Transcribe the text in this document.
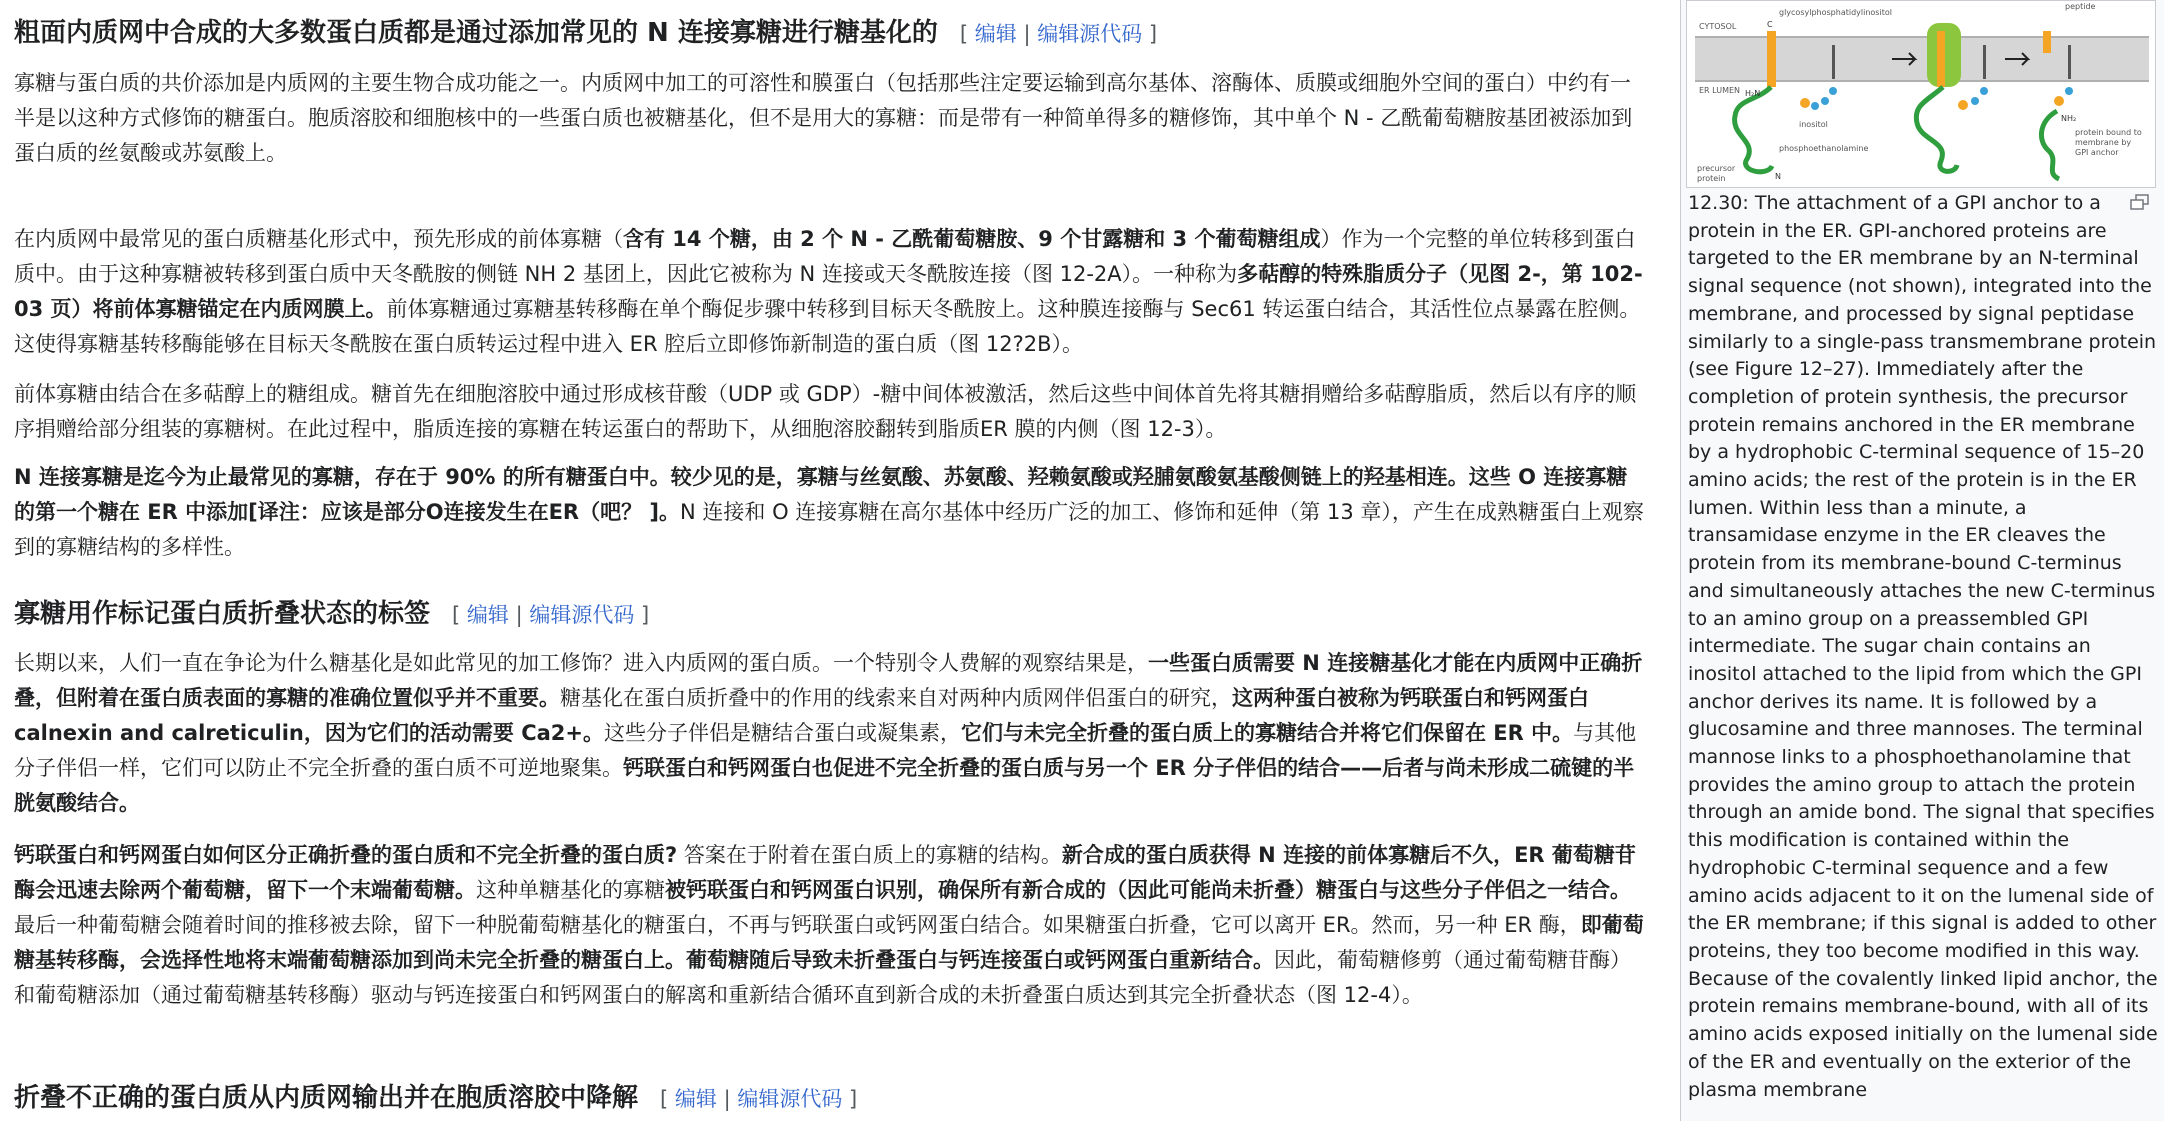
粗面内质网中合成的大多数蛋白质都是通过添加常见的 N 连接寡糖进行糖基化的 [ 编辑 | 编辑源代码 ]

寡糖与蛋白质的共价添加是内质网的主要生物合成功能之一。内质网中加工的可溶性和膜蛋白（包括那些注定要运输到高尔基体、溶酶体、质膜或细胞外空间的蛋白）中约有一半是以这种方式修饰的糖蛋白。胞质溶胶和细胞核中的一些蛋白质也被糖基化，但不是用大的寡糖：而是带有一种简单得多的糖修饰，其中单个 N - 乙酰葡萄糖胺基团被添加到蛋白质的丝氨酸或苏氨酸上。

在内质网中最常见的蛋白质糖基化形式中，预先形成的前体寡糖（含有 14 个糖，由 2 个 N - 乙酰葡萄糖胺、9 个甘露糖和 3 个葡萄糖组成）作为一个完整的单位转移到蛋白质中。由于这种寡糖被转移到蛋白质中天冬酰胺的侧链 NH 2 基团上，因此它被称为 N 连接或天冬酰胺连接（图 12-2A）。一种称为多萜醇的特殊脂质分子（见图 2-，第 102-03 页）将前体寡糖锚定在内质网膜上。前体寡糖通过寡糖基转移酶在单个酶促步骤中转移到目标天冬酰胺上。这种膜连接酶与 Sec61 转运蛋白结合，其活性位点暴露在腔侧。这使得寡糖基转移酶能够在目标天冬酰胺在蛋白质转运过程中进入 ER 腔后立即修饰新制造的蛋白质（图 12?2B）。

前体寡糖由结合在多萜醇上的糖组成。糖首先在细胞溶胶中通过形成核苷酸（UDP 或 GDP）-糖中间体被激活，然后这些中间体首先将其糖捐赠给多萜醇脂质，然后以有序的顺序捐赠给部分组装的寡糖树。在此过程中，脂质连接的寡糖在转运蛋白的帮助下，从细胞溶胶翻转到脂质ER 膜的内侧（图 12-3）。

N 连接寡糖是迄今为止最常见的寡糖，存在于 90% 的所有糖蛋白中。较少见的是，寡糖与丝氨酸、苏氨酸、羟赖氨酸或羟脯氨酸氨基酸侧链上的羟基相连。这些 O 连接寡糖的第一个糖在 ER 中添加[译注：应该是部分O连接发生在ER（吧？ ]。N 连接和 O 连接寡糖在高尔基体中经历广泛的加工、修饰和延伸（第 13 章），产生在成熟糖蛋白上观察到的寡糖结构的多样性。

寡糖用作标记蛋白质折叠状态的标签 [ 编辑 | 编辑源代码 ]

长期以来，人们一直在争论为什么糖基化是如此常见的加工修饰？进入内质网的蛋白质。一个特别令人费解的观察结果是，一些蛋白质需要 N 连接糖基化才能在内质网中正确折叠，但附着在蛋白质表面的寡糖的准确位置似乎并不重要。糖基化在蛋白质折叠中的作用的线索来自对两种内质网伴侣蛋白的研究，这两种蛋白被称为钙联蛋白和钙网蛋白 calnexin and calreticulin，因为它们的活动需要 Ca2+。这些分子伴侣是糖结合蛋白或凝集素，它们与未完全折叠的蛋白质上的寡糖结合并将它们保留在 ER 中。与其他分子伴侣一样，它们可以防止不完全折叠的蛋白质不可逆地聚集。钙联蛋白和钙网蛋白也促进不完全折叠的蛋白质与另一个 ER 分子伴侣的结合——后者与尚未形成二硫键的半胱氨酸结合。

钙联蛋白和钙网蛋白如何区分正确折叠的蛋白质和不完全折叠的蛋白质? 答案在于附着在蛋白质上的寡糖的结构。新合成的蛋白质获得 N 连接的前体寡糖后不久，ER 葡萄糖苷酶会迅速去除两个葡萄糖，留下一个末端葡萄糖。这种单糖基化的寡糖被钙联蛋白和钙网蛋白识别，确保所有新合成的（因此可能尚未折叠）糖蛋白与这些分子伴侣之一结合。最后一种葡萄糖会随着时间的推移被去除，留下一种脱葡萄糖基化的糖蛋白，不再与钙联蛋白或钙网蛋白结合。如果糖蛋白折叠，它可以离开 ER。然而，另一种 ER 酶，即葡萄糖基转移酶，会选择性地将末端葡萄糖添加到尚未完全折叠的糖蛋白上。葡萄糖随后导致未折叠蛋白与钙连接蛋白或钙网蛋白重新结合。因此，葡萄糖修剪（通过葡萄糖苷酶）和葡萄糖添加（通过葡萄糖基转移酶）驱动与钙连接蛋白和钙网蛋白的解离和重新结合循环直到新合成的未折叠蛋白质达到其完全折叠状态（图 12-4）。

折叠不正确的蛋白质从内质网输出并在胞质溶胶中降解 [ 编辑 | 编辑源代码 ]
CYTOSOL
ER LUMEN
glycosylphosphatidylinositol
peptide
C
H₂N
N
precursor
protein
inositol
phosphoethanolamine
NH₂
protein bound to
membrane by
GPI anchor
12.30: The attachment of a GPI anchor to a protein in the ER. GPI-anchored proteins are targeted to the ER membrane by an N-terminal signal sequence (not shown), integrated into the membrane, and processed by signal peptidase similarly to a single-pass transmembrane protein (see Figure 12–27). Immediately after the completion of protein synthesis, the precursor protein remains anchored in the ER membrane by a hydrophobic C-terminal sequence of 15–20 amino acids; the rest of the protein is in the ER lumen. Within less than a minute, a transamidase enzyme in the ER cleaves the protein from its membrane-bound C-terminus and simultaneously attaches the new C-terminus to an amino group on a preassembled GPI intermediate. The sugar chain contains an inositol attached to the lipid from which the GPI anchor derives its name. It is followed by a glucosamine and three mannoses. The terminal mannose links to a phosphoethanolamine that provides the amino group to attach the protein through an amide bond. The signal that specifies this modification is contained within the hydrophobic C-terminal sequence and a few amino acids adjacent to it on the lumenal side of the ER membrane; if this signal is added to other proteins, they too become modified in this way. Because of the covalently linked lipid anchor, the protein remains membrane-bound, with all of its amino acids exposed initially on the lumenal side of the ER and eventually on the exterior of the plasma membrane
